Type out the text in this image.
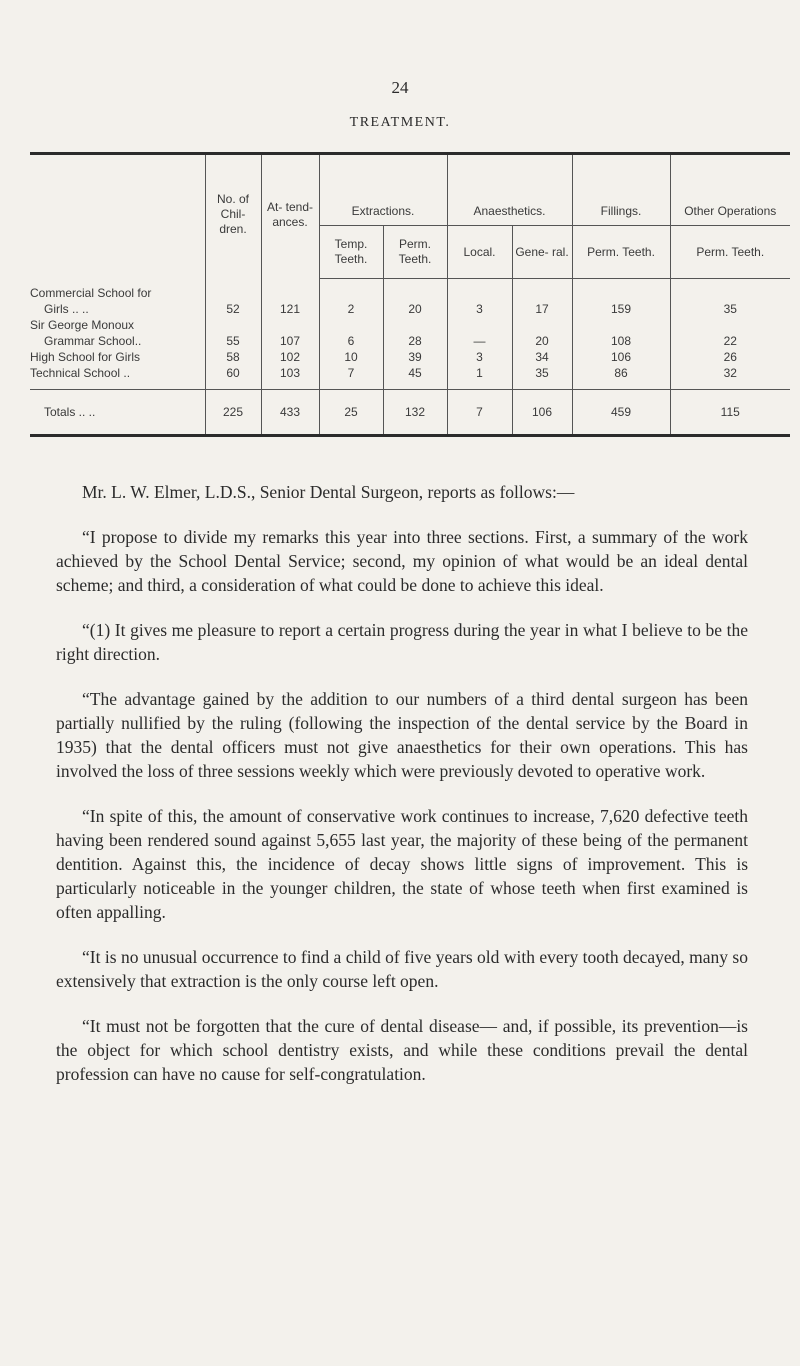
24
TREATMENT.
	No. of Chil- dren.	At- tend- ances.	Extractions.		Anaesthetics.		Fillings.	Other Operations
			Temp. Teeth.	Perm. Teeth.	Local.	Gene- ral.	Perm. Teeth.	Perm. Teeth.
Commercial School for								
Girls .. ..	52	121	2	20	3	17	159	35
Sir George Monoux								
Grammar School..	55	107	6	28	—	20	108	22
High School for Girls	58	102	10	39	3	34	106	26
Technical School ..	60	103	7	45	1	35	86	32
Totals .. ..	225	433	25	132	7	106	459	115

Mr. L. W. Elmer, L.D.S., Senior Dental Surgeon, reports as follows:—

“I propose to divide my remarks this year into three sections. First, a summary of the work achieved by the School Dental Service; second, my opinion of what would be an ideal dental scheme; and third, a consideration of what could be done to achieve this ideal.

“(1) It gives me pleasure to report a certain progress during the year in what I believe to be the right direction.

“The advantage gained by the addition to our numbers of a third dental surgeon has been partially nullified by the ruling (following the inspection of the dental service by the Board in 1935) that the dental officers must not give anaesthetics for their own operations. This has involved the loss of three sessions weekly which were previously devoted to operative work.

“In spite of this, the amount of conservative work continues to increase, 7,620 defective teeth having been rendered sound against 5,655 last year, the majority of these being of the permanent dentition. Against this, the incidence of decay shows little signs of improvement. This is particularly noticeable in the younger children, the state of whose teeth when first examined is often appalling.

“It is no unusual occurrence to find a child of five years old with every tooth decayed, many so extensively that extraction is the only course left open.

“It must not be forgotten that the cure of dental disease— and, if possible, its prevention—is the object for which school dentistry exists, and while these conditions prevail the dental profession can have no cause for self-congratulation.
